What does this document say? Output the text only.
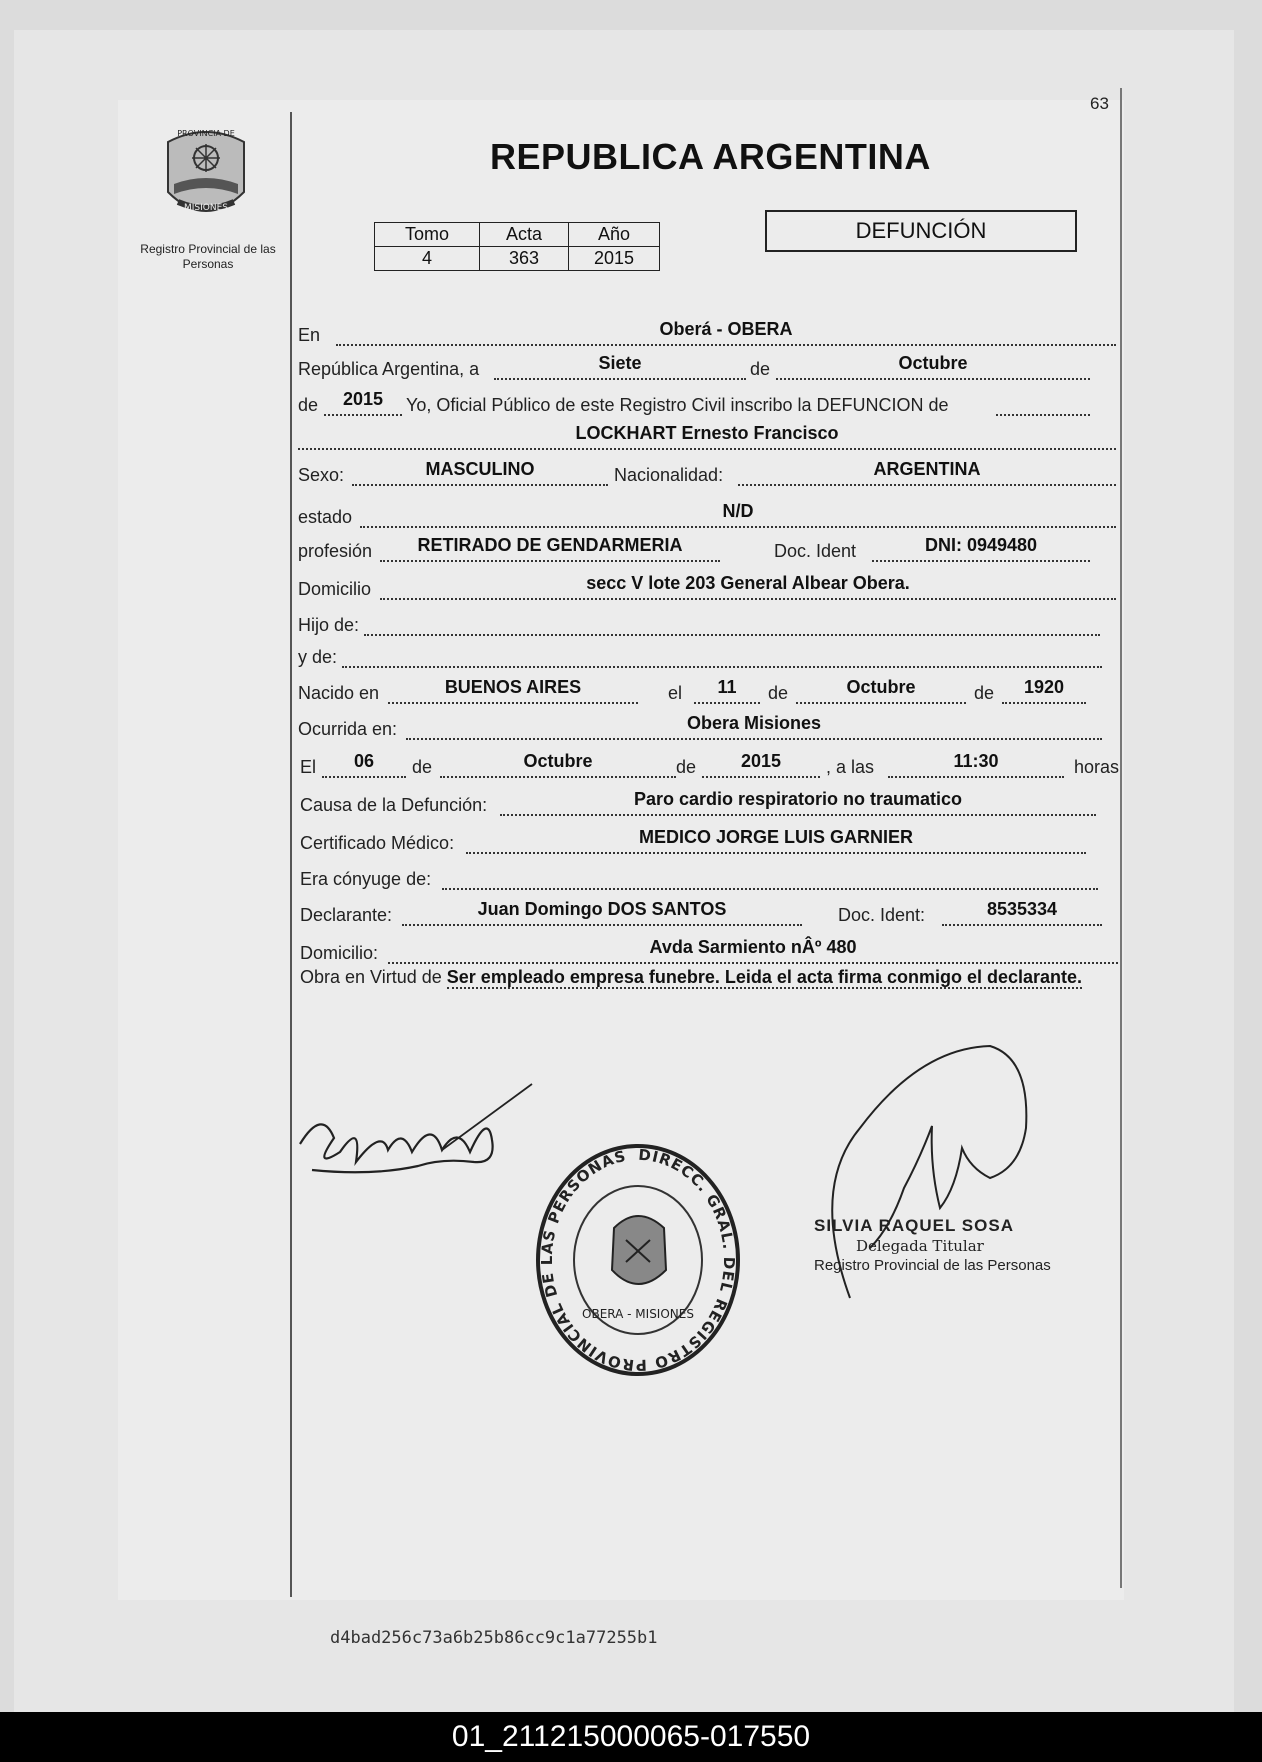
63
PROVINCIA DE
MISIONES
Registro Provincial de las Personas
REPUBLICA ARGENTINA
Tomo	Acta	Año
4	363	2015
DEFUNCIÓN
En	Oberá - OBERA
República Argentina, a	Siete	de	Octubre
de	2015	Yo, Oficial Público de este Registro Civil inscribo la DEFUNCION de
LOCKHART Ernesto Francisco
Sexo:	MASCULINO	Nacionalidad:	ARGENTINA
estado	N/D
profesión	RETIRADO DE GENDARMERIA	Doc. Ident	DNI: 0949480
Domicilio	secc V lote 203 General Albear Obera.
Hijo de:
y de:
Nacido en	BUENOS AIRES	el	11	de	Octubre	de	1920
Ocurrida en:	Obera Misiones
El	06	de	Octubre	de	2015	, a las	11:30	horas
Causa de la Defunción:	Paro cardio respiratorio no traumatico
Certificado Médico:	MEDICO JORGE LUIS GARNIER
Era cónyuge de:
Declarante:	Juan Domingo DOS SANTOS	Doc. Ident:	8535334
Domicilio:	Avda Sarmiento nÂº 480
Obra en Virtud de Ser empleado empresa funebre. Leida el acta firma conmigo el declarante.
DIRECC. GRAL. DEL REGISTRO PROVINCIAL DE LAS PERSONAS
OBERA - MISIONES
SILVIA RAQUEL SOSA
Delegada Titular
Registro Provincial de las Personas
d4bad256c73a6b25b86cc9c1a77255b1
01_211215000065-017550
